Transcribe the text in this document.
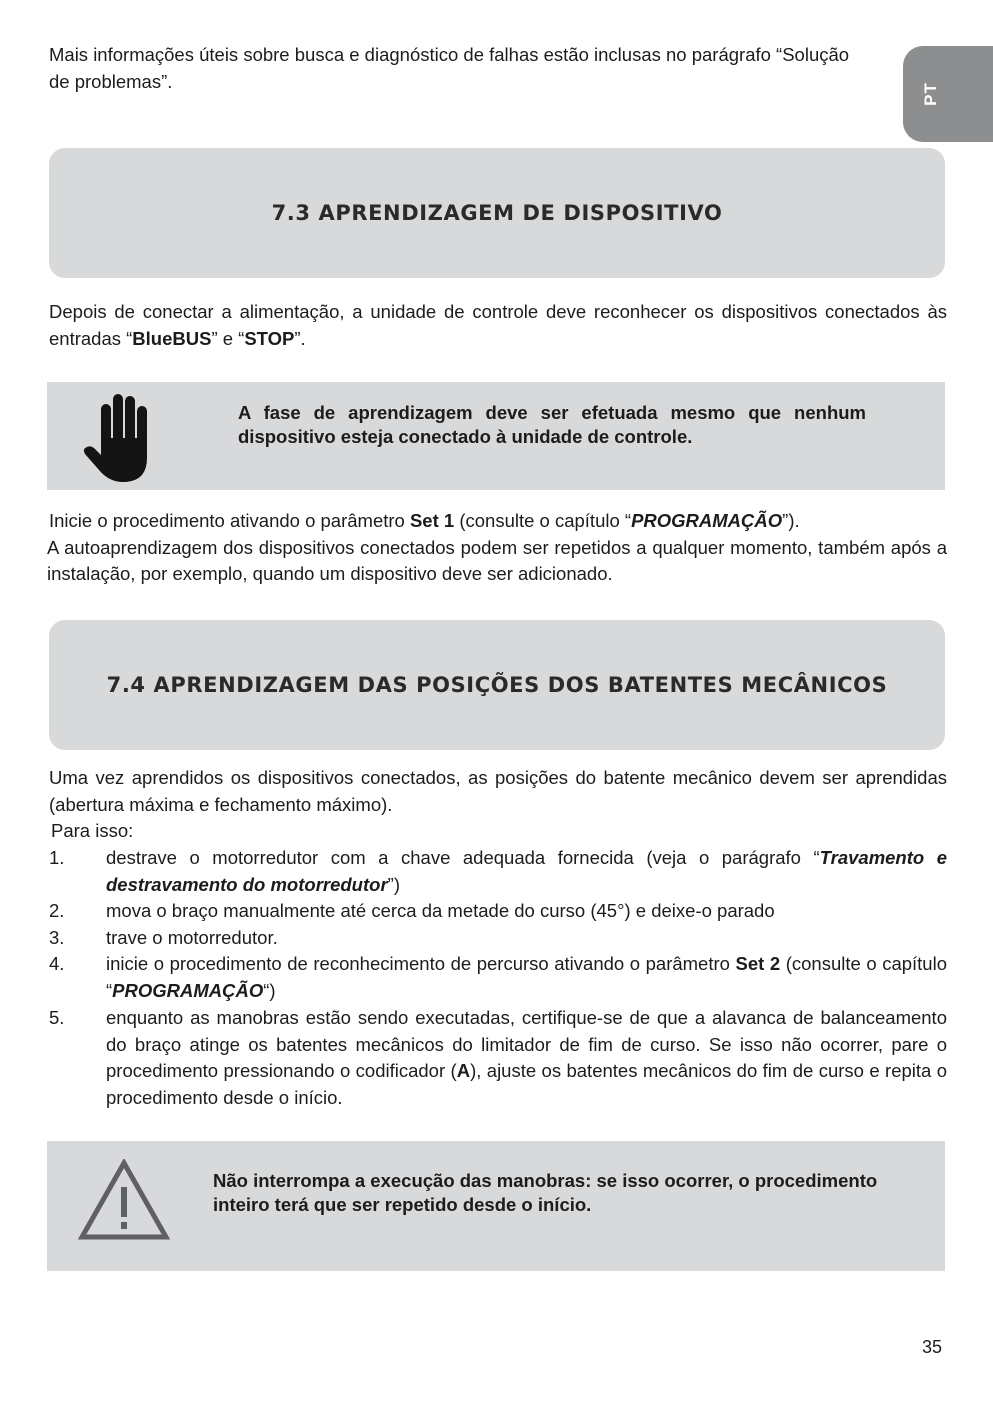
PT
Mais informações úteis sobre busca e diagnóstico de falhas estão inclusas no parágrafo “Solução
de problemas”.
7.3 APRENDIZAGEM DE DISPOSITIVO

Depois de conectar a alimentação, a unidade de controle deve reconhecer os dispositivos conectados às entradas “BlueBUS” e “STOP”.

A fase de aprendizagem deve ser efetuada mesmo que nenhum dispositivo esteja conectado à unidade de controle.
Inicie o procedimento ativando o parâmetro Set 1 (consulte o capítulo “PROGRAMAÇÃO”).
A autoaprendizagem dos dispositivos conectados podem ser repetidos a qualquer momento, também após a instalação, por exemplo, quando um dispositivo deve ser adicionado.
7.4 APRENDIZAGEM DAS POSIÇÕES DOS BATENTES MECÂNICOS

Uma vez aprendidos os dispositivos conectados, as posições do batente mecânico devem ser aprendidas (abertura máxima e fechamento máximo).

Para isso:

1. destrave o motorredutor com a chave adequada fornecida (veja o parágrafo “Travamento e destravamento do motorredutor”)
2. mova o braço manualmente até cerca da metade do curso (45°) e deixe-o parado
3. trave o motorredutor.
4. inicie o procedimento de reconhecimento de percurso ativando o parâmetro Set 2 (consulte o capítulo “PROGRAMAÇÃO“)
5. enquanto as manobras estão sendo executadas, certifique-se de que a alavanca de balanceamento do braço atinge os batentes mecânicos do limitador de fim de curso. Se isso não ocorrer, pare o procedimento pressionando o codificador (A), ajuste os batentes mecânicos do fim de curso e repita o procedimento desde o início.
Não interrompa a execução das manobras: se isso ocorrer, o procedimento inteiro terá que ser repetido desde o início.
35
